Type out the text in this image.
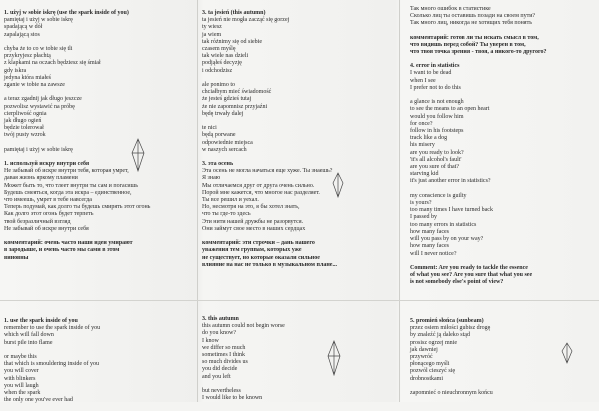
1. użyj w sobie iskrę (use the spark inside of you)
pamiętaj i użyj w sobie iskrę
spadającą w dół
zapalającą stos

chyba że to co w tobie się tli
przykryjesz płachtą
z klapkami na oczach będziesz się śmiał
gdy iskra
jedyna która miałeś
zganie w tobie na zawsze

a teraz zgadnij jak długo jeszcze
pozwolisz wystawić na próbę
cierpliwość ognia
jak długo ogień
będzie tolerował
twój pusty wzrok

pamiętaj i użyj w sobie iskrę
1. используй искру внутри себя
Не забывай об искре внутри тебя, которая умрет,
давая жизнь яркому пламени
Может быть то, что тлеет внутри ты сам и погасишь
Будешь смеяться, когда эта искра – единственное,
что имеешь, умрет в тебе навсегда
Теперь подумай, как долго ты будешь смирять этот огонь
Как долго этот огонь будет терпеть
твой безразличный взгляд
Не забывай об искре внутри себя
комментарий: очень часто наши идеи умирают
в зародыше, и очень часто мы сами в этом
виновны
3. ta jesień (this autumn)
ta jesień nie mogła zacząć się gorzej
ty wiesz
ja wiem
tak różnimy się od siebie
czasem myślę
tak wiele nas dzieli
podjąłeś decyzję
i odchodzisz

ale ponimo to
chciałbym mieć świadomość
że jesteś gdzieś tutaj
że nie zapomnisz przyjaźni
będę trwały dalej

te nici
będą porwane
odpowiednie miejsca
w naszych sercach
3. эта осень
Эта осень не могла начаться еще хуже. Ты знаешь?
Я знаю
Мы отличаемся друг от друга очень сильно.
Порой мне кажется, что многое нас разделяет.
Ты все решил и уехал.
Но, несмотря на это, я бы хотел знать,
что ты где-то здесь
Эти нити нашей дружбы не разорвутся.
Они займут свое место в наших сердцах
комментарий: эти строчки – дань нашего
уважения тем группам, которых уже
не существует, но которые оказали сильное
влияние на нас не только в музыкальном плане...
Так много ошибок в статистике
Сколько лиц ты оставишь позади на своем пути?
Так много лиц, никогда не хотящих тебя понять
комментарий: готов ли ты искать смысл в том,
что видишь перед собой? Ты уверен в том,
что твоя точка зрения - твоя, а никого-то другого?
4. error in statistics
I want to be dead
when I see
I prefer not to do this

a glance is not enough
to see the means to an open heart
would you follow him
for once?
follow in his footsteps
track like a dog
his misery
are you ready to look?
'it's all alcohol's fault'
are you sure of that?
starving kid
it's just another error in statistics?

my conscience is guilty
is yours?
too many times I have turned back
I passed by
too many errors in statistics
how many faces
will you pass by on your way?
how many faces
will I never notice?
Comment: Are you ready to tackle the essence
of what you see? Are you sure that what you see
is not somebody else's point of view?
1. use the spark inside of you
remember to use the spark inside of you
which will fall down
burst pile into flame

or maybe this
that which is smouldering inside of you
you will cover
with blinkers
you will laugh
when the spark
the only one you've ever had
3. this autumn
this autumn could not begin worse
do you know?
I know
we differ so much
sometimes I think
so much divides us
you did decide
and you left

but nevertheless
I would like to be known
5. promień słońca (sunbeam)
przez osiem miłości gubisz drogę
by znaleźć ją daleko stąd
prosisz ogrzej mnie
jak dawniej
przywróć
płonącego myśli
pozwól cieszyć się
drobnostkami

zapomnieć o nieuchronnym końcu
